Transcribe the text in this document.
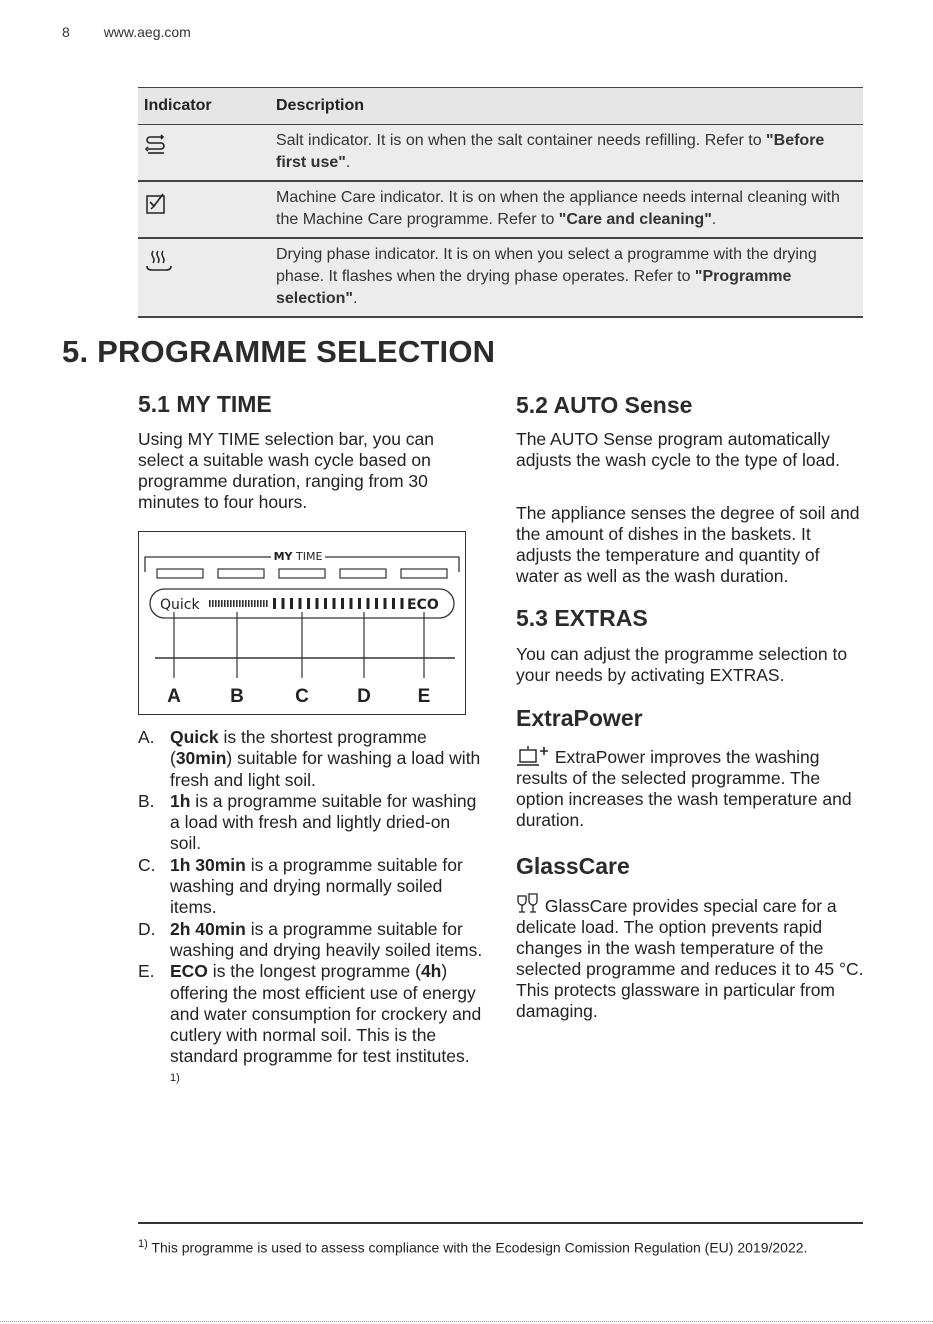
8 www.aeg.com
Indicator	Description
	Salt indicator. It is on when the salt container needs refilling. Refer to "Before first use".
	Machine Care indicator. It is on when the appliance needs internal cleaning with the Machine Care programme. Refer to "Care and cleaning".
	Drying phase indicator. It is on when you select a programme with the drying phase. It flashes when the drying phase operates. Refer to "Programme selection".
5. PROGRAMME SELECTION
5.1 MY TIME

Using MY TIME selection bar, you can select a suitable wash cycle based on programme duration, ranging from 30 minutes to four hours.

MY TIME
Quick	ECO
A	B	C	D E
A. Quick is the shortest programme (30min) suitable for washing a load with fresh and light soil.
B. 1h is a programme suitable for washing a load with fresh and lightly dried-on soil.
C. 1h 30min is a programme suitable for washing and drying normally soiled items.
D. 2h 40min is a programme suitable for washing and drying heavily soiled items.
E. ECO is the longest programme (4h) offering the most efficient use of energy and water consumption for crockery and cutlery with normal soil. This is the standard programme for test institutes. $^{1)}$
5.2 AUTO Sense

The AUTO Sense program automatically adjusts the wash cycle to the type of load.

The appliance senses the degree of soil and the amount of dishes in the baskets. It adjusts the temperature and quantity of water as well as the wash duration.

5.3 EXTRAS

You can adjust the programme selection to your needs by activating EXTRAS.

ExtraPower

ExtraPower improves the washing results of the selected programme. The option increases the wash temperature and duration.

GlassCare

GlassCare provides special care for a delicate load. The option prevents rapid changes in the wash temperature of the selected programme and reduces it to 45 °C. This protects glassware in particular from damaging.

$^{1)}$ This programme is used to assess compliance with the Ecodesign Comission Regulation (EU) 2019/2022.
